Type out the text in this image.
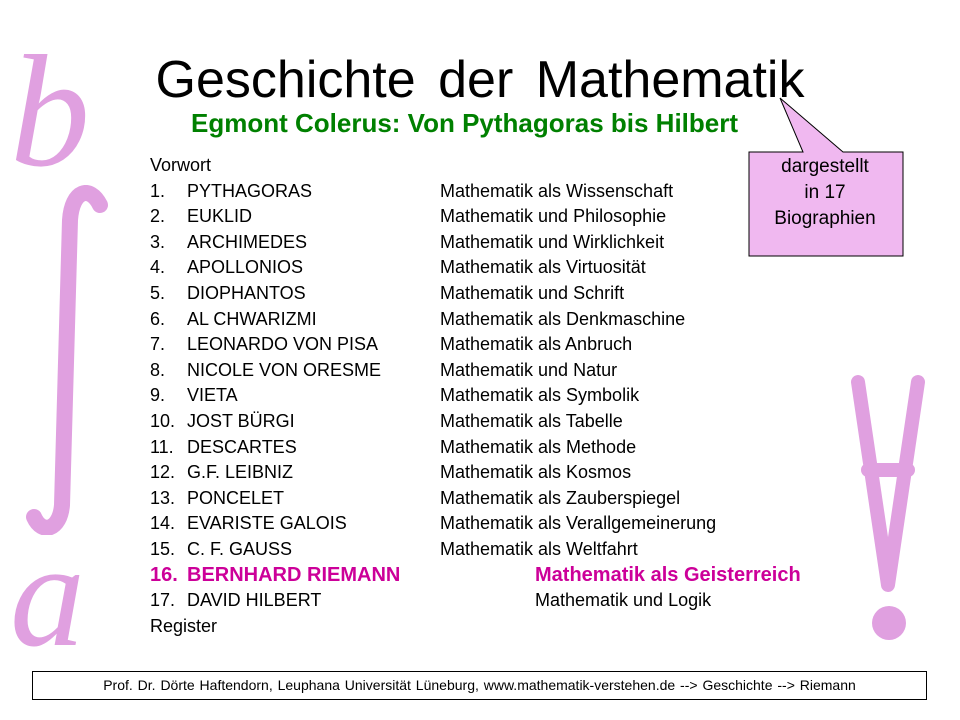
b
a
dargestellt
in 17
Biographien
Geschichte der Mathematik
Egmont Colerus: Von Pythagoras bis Hilbert
Vorwort
1. PYTHAGORAS	Mathematik als Wissenschaft
2. EUKLID	Mathematik und Philosophie
3. ARCHIMEDES	Mathematik und Wirklichkeit
4. APOLLONIOS	Mathematik als Virtuosität
5. DIOPHANTOS	Mathematik und Schrift
6. AL CHWARIZMI	Mathematik als Denkmaschine
7. LEONARDO VON PISA	Mathematik als Anbruch
8. NICOLE VON ORESME	Mathematik und Natur
9. VIETA	Mathematik als Symbolik
10. JOST BÜRGI	Mathematik als Tabelle
11. DESCARTES	Mathematik als Methode
12. G.F. LEIBNIZ	Mathematik als Kosmos
13. PONCELET	Mathematik als Zauberspiegel
14. EVARISTE GALOIS	Mathematik als Verallgemeinerung
15. C. F. GAUSS	Mathematik als Weltfahrt
16. BERNHARD RIEMANN	Mathematik als Geisterreich
17. DAVID HILBERT	Mathematik und Logik
Register
Prof. Dr. Dörte Haftendorn, Leuphana Universität Lüneburg, www.mathematik-verstehen.de --> Geschichte --> Riemann
